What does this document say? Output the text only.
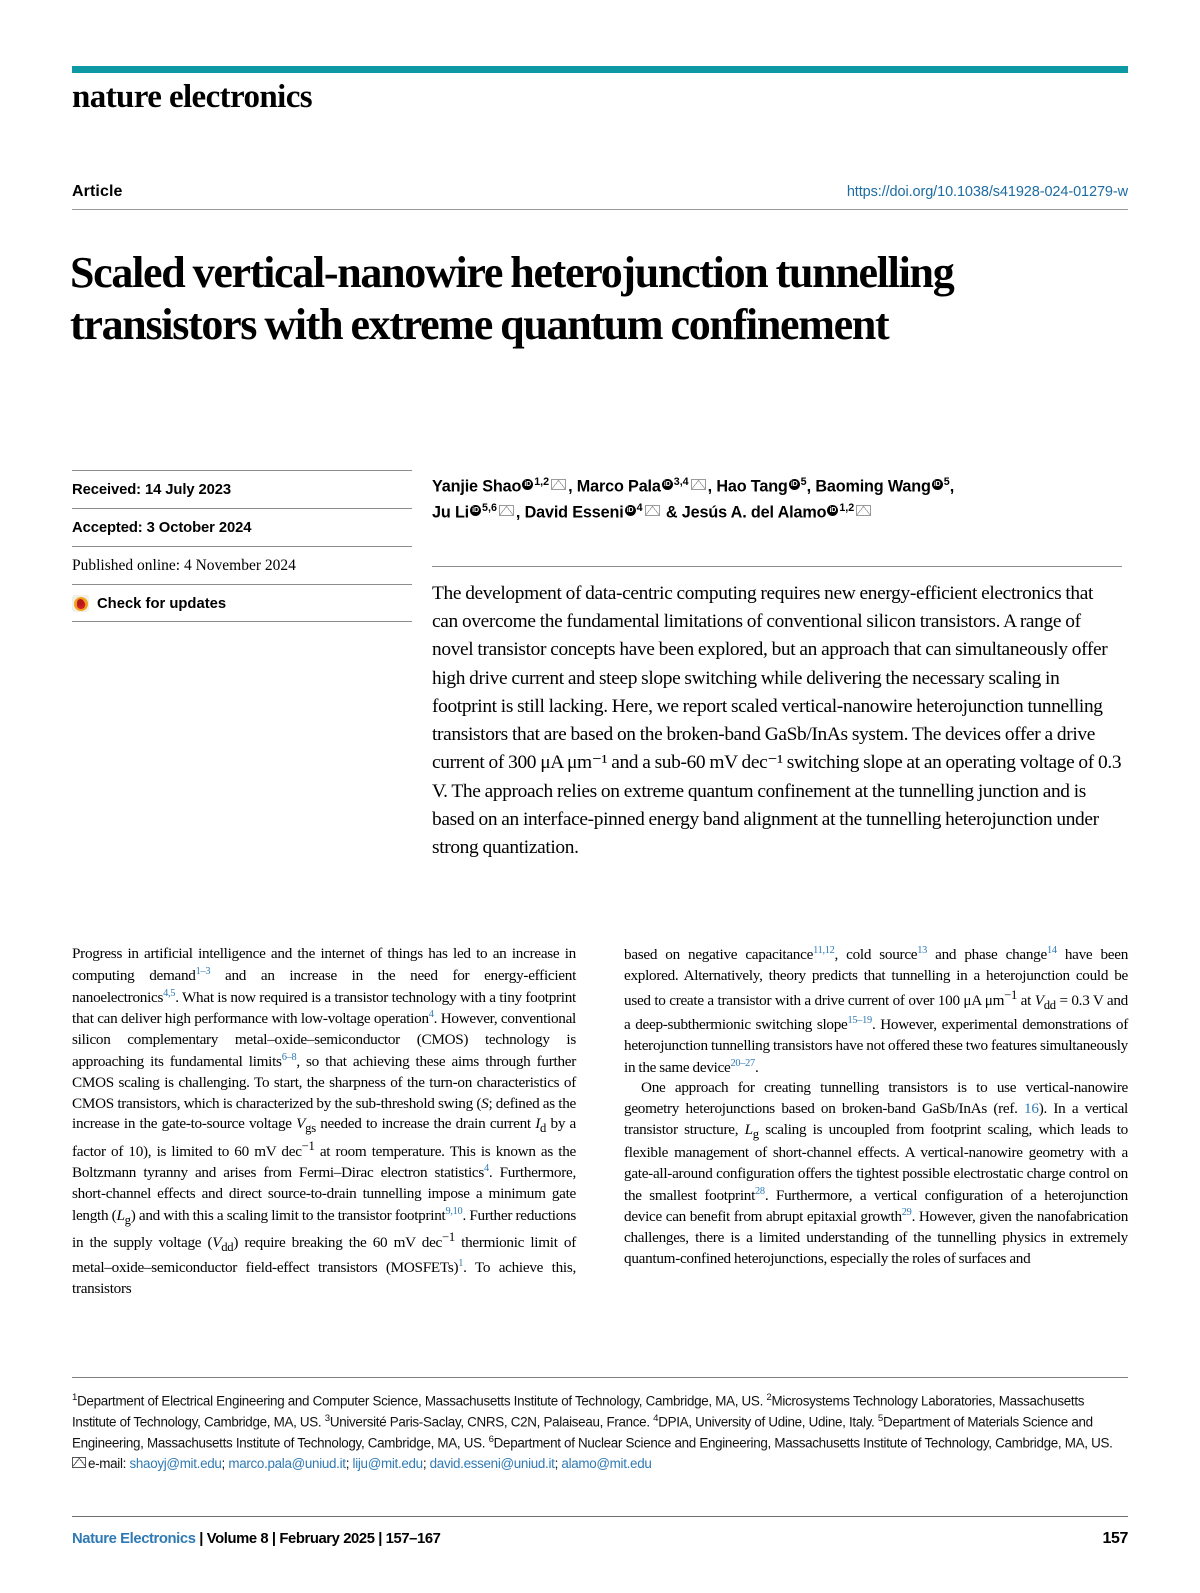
nature electronics
Article	https://doi.org/10.1038/s41928-024-01279-w
Scaled vertical-nanowire heterojunction tunnelling transistors with extreme quantum confinement
Received: 14 July 2023
Accepted: 3 October 2024
Published online: 4 November 2024
Check for updates
Yanjie Shao iD $^{1,2}$ , Marco Pala iD $^{3,4}$ , Hao Tang iD $^5$, Baoming Wang iD $^5$,
Ju Li iD $^{5,6}$ , David Esseni iD $^4$ & Jesús A. del Alamo iD $^{1,2}$
The development of data-centric computing requires new energy-efficient electronics that can overcome the fundamental limitations of conventional silicon transistors. A range of novel transistor concepts have been explored, but an approach that can simultaneously offer high drive current and steep slope switching while delivering the necessary scaling in footprint is still lacking. Here, we report scaled vertical-nanowire heterojunction tunnelling transistors that are based on the broken-band GaSb/InAs system. The devices offer a drive current of 300 μA μm⁻¹ and a sub-60 mV dec⁻¹ switching slope at an operating voltage of 0.3 V. The approach relies on extreme quantum confinement at the tunnelling junction and is based on an interface-pinned energy band alignment at the tunnelling heterojunction under strong quantization.

Progress in artificial intelligence and the internet of things has led to an increase in computing demand$^{1-3}$ and an increase in the need for energy-efficient nanoelectronics$^{4,5}$. What is now required is a transistor technology with a tiny footprint that can deliver high performance with low-voltage operation$^4$. However, conventional silicon complementary metal–oxide–semiconductor (CMOS) technology is approaching its fundamental limits$^{6-8}$, so that achieving these aims through further CMOS scaling is challenging. To start, the sharpness of the turn-on characteristics of CMOS transistors, which is characterized by the sub-threshold swing (S; defined as the increase in the gate-to-source voltage $V_{gs}$ needed to increase the drain current $I_d$ by a factor of 10), is limited to 60 mV dec$^{-1}$ at room temperature. This is known as the Boltzmann tyranny and arises from Fermi–Dirac electron statistics$^4$. Furthermore, short-channel effects and direct source-to-drain tunnelling impose a minimum gate length $(L_g)$ and with this a scaling limit to the transistor footprint$^{9,10}$. Further reductions in the supply voltage $(V_{dd})$ require breaking the 60 mV dec$^{-1}$ thermionic limit of metal–oxide–semiconductor field-effect transistors (MOSFETs)$^1$. To achieve this, transistors

based on negative capacitance$^{11,12}$, cold source$^{13}$ and phase change$^{14}$ have been explored. Alternatively, theory predicts that tunnelling in a heterojunction could be used to create a transistor with a drive current of over 100 μA $\mu m^{-1}$ at $V_{dd} = 0.3$ V and a deep-subthermionic switching slope$^{15-19}$. However, experimental demonstrations of heterojunction tunnelling transistors have not offered these two features simultaneously in the same device$^{20-27}$.

One approach for creating tunnelling transistors is to use vertical-nanowire geometry heterojunctions based on broken-band GaSb/InAs (ref. 16). In a vertical transistor structure, $L_g$ scaling is uncoupled from footprint scaling, which leads to flexible management of short-channel effects. A vertical-nanowire geometry with a gate-all-around configuration offers the tightest possible electrostatic charge control on the smallest footprint$^{28}$. Furthermore, a vertical configuration of a heterojunction device can benefit from abrupt epitaxial growth$^{29}$. However, given the nanofabrication challenges, there is a limited understanding of the tunnelling physics in extremely quantum-confined heterojunctions, especially the roles of surfaces and

$^1$Department of Electrical Engineering and Computer Science, Massachusetts Institute of Technology, Cambridge, MA, US. $^2$Microsystems Technology Laboratories, Massachusetts Institute of Technology, Cambridge, MA, US. $^3$Université Paris-Saclay, CNRS, C2N, Palaiseau, France. $^4$DPIA, University of Udine, Udine, Italy. $^5$Department of Materials Science and Engineering, Massachusetts Institute of Technology, Cambridge, MA, US. $^6$Department of Nuclear Science and Engineering, Massachusetts Institute of Technology, Cambridge, MA, US. e-mail: shaoyj@mit.edu; marco.pala@uniud.it; liju@mit.edu; david.esseni@uniud.it; alamo@mit.edu
Nature Electronics | Volume 8 | February 2025 | 157–167	157
